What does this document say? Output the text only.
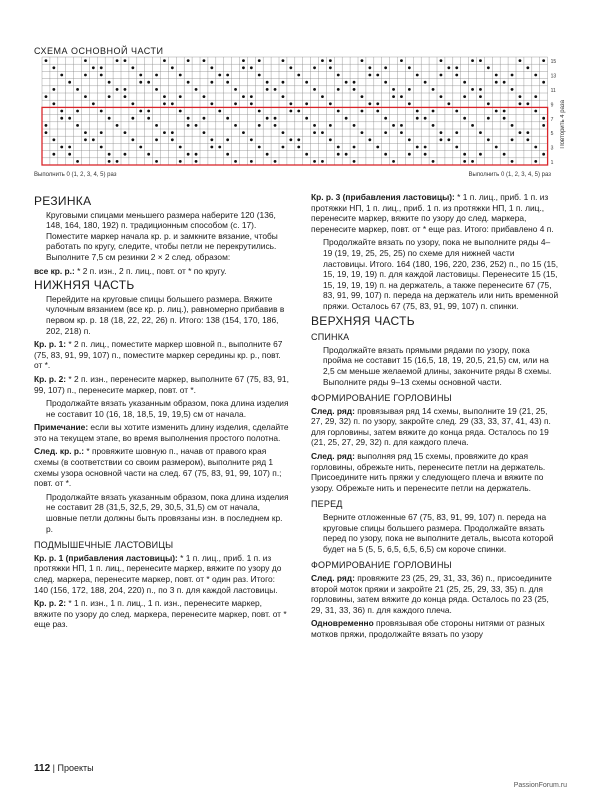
СХЕМА ОСНОВНОЙ ЧАСТИ
15
13
11
9
7
5
3
1
Повторить 4 раза
Выполнить 0 (1, 2, 3, 4, 5) раз	Выполнить 0 (1, 2, 3, 4, 5) раз
РЕЗИНКА

Круговыми спицами меньшего размера наберите 120 (136, 148, 164, 180, 192) п. традиционным способом (с. 17). Поместите маркер начала кр. р. и замкните вязание, чтобы работать по кругу, следите, чтобы петли не перекрутились. Выполните 7,5 см резинки 2 × 2 след. образом:

все кр. р.: * 2 п. изн., 2 п. лиц., повт. от * по кругу.

НИЖНЯЯ ЧАСТЬ

Перейдите на круговые спицы большего размера. Вяжите чулочным вязанием (все кр. р. лиц.), равномерно прибавив в первом кр. р. 18 (18, 22, 22, 26) п. Итого: 138 (154, 170, 186, 202, 218) п.

Кр. р. 1: * 2 п. лиц., поместите маркер шовной п., выполните 67 (75, 83, 91, 99, 107) п., поместите маркер середины кр. р., повт. от *.

Кр. р. 2: * 2 п. изн., перенесите маркер, выполните 67 (75, 83, 91, 99, 107) п., перенесите маркер, повт. от *.

Продолжайте вязать указанным образом, пока длина изделия не составит 10 (16, 18, 18,5, 19, 19,5) см от начала.

Примечание: если вы хотите изменить длину изделия, сделайте это на текущем этапе, во время выполнения простого полотна.

След. кр. р.: * провяжите шовную п., начав от правого края схемы (в соответствии со своим размером), выполните ряд 1 схемы узора основной части на след. 67 (75, 83, 91, 99, 107) п.; повт. от *.

Продолжайте вязать указанным образом, пока длина изделия не составит 28 (31,5, 32,5, 29, 30,5, 31,5) см от начала, шовные петли должны быть провязаны изн. в последнем кр. р.

ПОДМЫШЕЧНЫЕ ЛАСТОВИЦЫ

Кр. р. 1 (прибавления ластовицы): * 1 п. лиц., приб. 1 п. из протяжки НП, 1 п. лиц., перенесите маркер, вяжите по узору до след. маркера, перенесите маркер, повт. от * один раз. Итого: 140 (156, 172, 188, 204, 220) п., по 3 п. для каждой ластовицы.

Кр. р. 2: * 1 п. изн., 1 п. лиц., 1 п. изн., перенесите маркер, вяжите по узору до след. маркера, перенесите маркер, повт. от * еще раз.

Кр. р. 3 (прибавления ластовицы): * 1 п. лиц., приб. 1 п. из протяжки НП, 1 п. лиц., приб. 1 п. из протяжки НП, 1 п. лиц., перенесите маркер, вяжите по узору до след. маркера, перенесите маркер, повт. от * еще раз. Итого: прибавлено 4 п.

Продолжайте вязать по узору, пока не выполните ряды 4–19 (19, 19, 25, 25, 25) по схеме для нижней части ластовицы. Итого. 164 (180, 196, 220, 236, 252) п., по 15 (15, 15, 19, 19, 19) п. для каждой ластовицы. Перенесите 15 (15, 15, 19, 19, 19) п. на держатель, а также перенесите 67 (75, 83, 91, 99, 107) п. переда на держатель или нить временной пряжи. Осталось 67 (75, 83, 91, 99, 107) п. спинки.

ВЕРХНЯЯ ЧАСТЬ
СПИНКА

Продолжайте вязать прямыми рядами по узору, пока пройма не составит 15 (16,5, 18, 19, 20,5, 21,5) см, или на 2,5 см меньше желаемой длины, закончите ряды 8 схемы. Выполните ряды 9–13 схемы основной части.

ФОРМИРОВАНИЕ ГОРЛОВИНЫ

След. ряд: провязывая ряд 14 схемы, выполните 19 (21, 25, 27, 29, 32) п. по узору, закройте след. 29 (33, 33, 37, 41, 43) п. для горловины, затем вяжите до конца ряда. Осталось по 19 (21, 25, 27, 29, 32) п. для каждого плеча.

След. ряд: выполняя ряд 15 схемы, провяжите до края горловины, обрежьте нить, перенесите петли на держатель. Присоедините нить пряжи у следующего плеча и вяжите по узору. Обрежьте нить и перенесите петли на держатель.

ПЕРЕД

Верните отложенные 67 (75, 83, 91, 99, 107) п. переда на круговые спицы большего размера. Продолжайте вязать перед по узору, пока не выполните деталь, высота которой будет на 5 (5, 5, 6,5, 6,5, 6,5) см короче спинки.

ФОРМИРОВАНИЕ ГОРЛОВИНЫ

След. ряд: провяжите 23 (25, 29, 31, 33, 36) п., присоедините второй моток пряжи и закройте 21 (25, 25, 29, 33, 35) п. для горловины, затем вяжите до конца ряда. Осталось по 23 (25, 29, 31, 33, 36) п. для каждого плеча.

Одновременно провязывая обе стороны нитями от разных мотков пряжи, продолжайте вязать по узору

112 | Проекты
PassionForum.ru
